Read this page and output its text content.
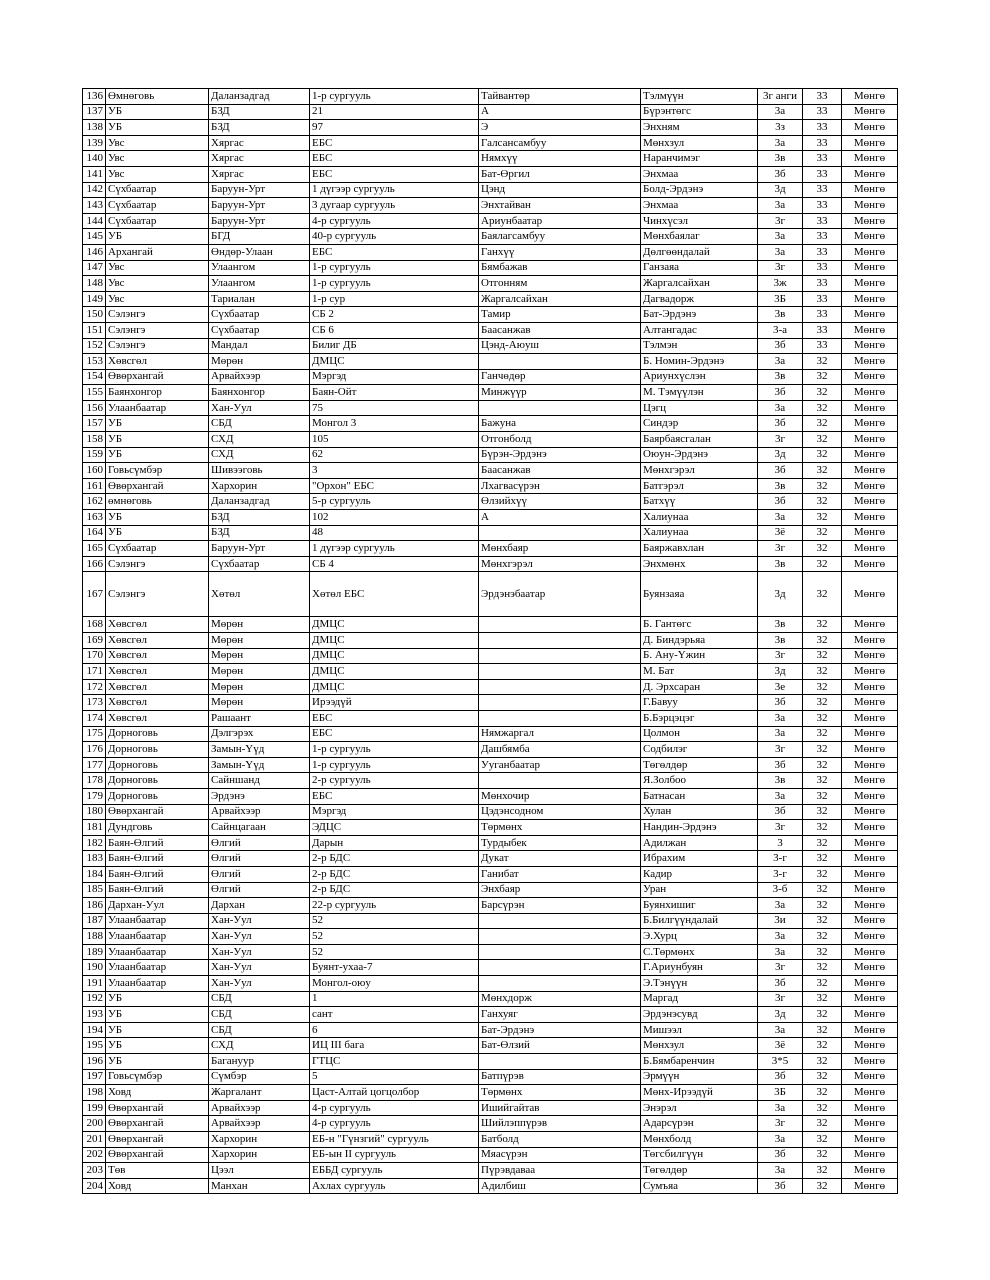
136	Өмнөговь	Даланзадгад	1-р сургууль	Тайвантөр	Тэлмүүн	3г анги	33	Мөнгө
137	УБ	БЗД	21	А	Бүрэнтөгс	3а	33	Мөнгө
138	УБ	БЗД	97	Э	Энхням	3з	33	Мөнгө
139	Увс	Хяргас	ЕБС	Галсансамбуу	Мөнхзул	3а	33	Мөнгө
140	Увс	Хяргас	ЕБС	Нямхүү	Наранчимэг	3в	33	Мөнгө
141	Увс	Хяргас	ЕБС	Бат-Өргил	Энхмаа	3б	33	Мөнгө
142	Сүхбаатар	Баруун-Урт	1 дүгээр сургууль	Цэнд	Болд-Эрдэнэ	3д	33	Мөнгө
143	Сүхбаатар	Баруун-Урт	3 дугаар сургууль	Энхтайван	Энхмаа	3а	33	Мөнгө
144	Сүхбаатар	Баруун-Урт	4-р сургууль	Ариунбаатар	Чинхүсэл	3г	33	Мөнгө
145	УБ	БГД	40-р сургууль	Баялагсамбуу	Мөнхбаялаг	3а	33	Мөнгө
146	Архангай	Өндөр-Улаан	ЕБС	Ганхүү	Дөлгөөндалай	3а	33	Мөнгө
147	Увс	Улаангом	1-р сургууль	Бямбажав	Ганзаяа	3г	33	Мөнгө
148	Увс	Улаангом	1-р сургууль	Отгонням	Жаргалсайхан	3ж	33	Мөнгө
149	Увс	Тариалан	1-р сур	Жаргалсайхан	Дагвадорж	3Б	33	Мөнгө
150	Сэлэнгэ	Сүхбаатар	СБ 2	Тамир	Бат-Эрдэнэ	3в	33	Мөнгө
151	Сэлэнгэ	Сүхбаатар	СБ 6	Баасанжав	Алтангадас	3-а	33	Мөнгө
152	Сэлэнгэ	Мандал	Билиг ДБ	Цэнд-Аюуш	Тэлмэн	3б	33	Мөнгө
153	Хөвсгөл	Мөрөн	ДМЦС		Б. Номин-Эрдэнэ	3а	32	Мөнгө
154	Өвөрхангай	Арвайхээр	Мэргэд	Ганчөдөр	Ариунхүслэн	3в	32	Мөнгө
155	Баянхонгор	Баянхонгор	Баян-Ойт	Минжүүр	М. Тэмүүлэн	3б	32	Мөнгө
156	Улаанбаатар	Хан-Уул	75		Цэгц	3а	32	Мөнгө
157	УБ	СБД	Монгол 3	Бажуна	Синдэр	3б	32	Мөнгө
158	УБ	СХД	105	Отгонболд	Баярбаясгалан	3г	32	Мөнгө
159	УБ	СХД	62	Бүрэн-Эрдэнэ	Оюун-Эрдэнэ	3д	32	Мөнгө
160	Говьсүмбэр	Шивээговь	3	Баасанжав	Мөнхгэрэл	3б	32	Мөнгө
161	Өвөрхангай	Хархорин	"Орхон" ЕБС	Лхагвасүрэн	Батгэрэл	3в	32	Мөнгө
162	өмнөговь	Даланзадгад	5-р сургууль	Өлзийхүү	Батхүү	3б	32	Мөнгө
163	УБ	БЗД	102	А	Халиунаа	3а	32	Мөнгө
164	УБ	БЗД	48		Халиунаа	3ё	32	Мөнгө
165	Сүхбаатар	Баруун-Урт	1 дүгээр сургууль	Мөнхбаяр	Баяржавхлан	3г	32	Мөнгө
166	Сэлэнгэ	Сүхбаатар	СБ 4	Мөнхгэрэл	Энхмөнх	3в	32	Мөнгө
167	Сэлэнгэ	Хөтөл	Хөтөл ЕБС	Эрдэнэбаатар	Буянзаяа	3д	32	Мөнгө
168	Хөвсгөл	Мөрөн	ДМЦС		Б. Гантөгс	3в	32	Мөнгө
169	Хөвсгөл	Мөрөн	ДМЦС		Д. Биндэрьяа	3в	32	Мөнгө
170	Хөвсгөл	Мөрөн	ДМЦС		Б. Ану-Үжин	3г	32	Мөнгө
171	Хөвсгөл	Мөрөн	ДМЦС		М. Бат	3д	32	Мөнгө
172	Хөвсгөл	Мөрөн	ДМЦС		Д. Эрхсаран	3е	32	Мөнгө
173	Хөвсгөл	Мөрөн	Ирээдүй		Г.Бавуу	3б	32	Мөнгө
174	Хөвсгөл	Рашаант	ЕБС		Б.Бэрцэцэг	3а	32	Мөнгө
175	Дорноговь	Дэлгэрэх	ЕБС	Нямжаргал	Цолмон	3а	32	Мөнгө
176	Дорноговь	Замын-Үүд	1-р сургууль	Дашбямба	Содбилэг	3г	32	Мөнгө
177	Дорноговь	Замын-Үүд	1-р сургууль	Ууганбаатар	Төгөлдөр	3б	32	Мөнгө
178	Дорноговь	Сайншанд	2-р сургууль		Я.Золбоо	3в	32	Мөнгө
179	Дорноговь	Эрдэнэ	ЕБС	Мөнхочир	Батнасан	3а	32	Мөнгө
180	Өвөрхангай	Арвайхээр	Мэргэд	Цэдэнсодном	Хулан	3б	32	Мөнгө
181	Дундговь	Сайнцагаан	ЭДЦС	Төрмөнх	Нандин-Эрдэнэ	3г	32	Мөнгө
182	Баян-Өлгий	Өлгий	Дарын	Турдыбек	Адилжан	3	32	Мөнгө
183	Баян-Өлгий	Өлгий	2-р БДС	Дукат	Ибрахим	3-г	32	Мөнгө
184	Баян-Өлгий	Өлгий	2-р БДС	Ганибат	Кадир	3-г	32	Мөнгө
185	Баян-Өлгий	Өлгий	2-р БДС	Энхбаяр	Уран	3-б	32	Мөнгө
186	Дархан-Уул	Дархан	22-р сургууль	Барсүрэн	Буянхишиг	3а	32	Мөнгө
187	Улаанбаатар	Хан-Уул	52		Б.Билгүүндалай	3и	32	Мөнгө
188	Улаанбаатар	Хан-Уул	52		Э.Хурц	3а	32	Мөнгө
189	Улаанбаатар	Хан-Уул	52		С.Төрмөнх	3а	32	Мөнгө
190	Улаанбаатар	Хан-Уул	Буянт-ухаа-7		Г.Ариунбуян	3г	32	Мөнгө
191	Улаанбаатар	Хан-Уул	Монгол-оюу		Э.Тэнүүн	3б	32	Мөнгө
192	УБ	СБД	1	Мөнхдорж	Маргад	3г	32	Мөнгө
193	УБ	СБД	сант	Ганхуяг	Эрдэнэсувд	3д	32	Мөнгө
194	УБ	СБД	6	Бат-Эрдэнэ	Мишээл	3а	32	Мөнгө
195	УБ	СХД	ИЦ III бага	Бат-Өлзий	Мөнхзул	3ё	32	Мөнгө
196	УБ	Багануур	ГТЦС		Б.Бямбаренчин	3*5	32	Мөнгө
197	Говьсүмбэр	Сүмбэр	5	Батпүрэв	Эрмүүн	3б	32	Мөнгө
198	Ховд	Жаргалант	Цаст-Алтай цогцолбор	Төрмөнх	Мөнх-Ирээдүй	3Б	32	Мөнгө
199	Өвөрхангай	Арвайхээр	4-р сургууль	Ишийгайтав	Энэрэл	3а	32	Мөнгө
200	Өвөрхангай	Арвайхээр	4-р сургууль	Шийлэппүрэв	Адарсүрэн	3г	32	Мөнгө
201	Өвөрхангай	Хархорин	ЕБ-н "Гүнзгий" сургууль	Батболд	Мөнхболд	3а	32	Мөнгө
202	Өвөрхангай	Хархорин	ЕБ-ын II сургууль	Мяасүрэн	Төгсбилгүүн	3б	32	Мөнгө
203	Төв	Цээл	ЕББД сургууль	Пүрэвдаваа	Төгөлдөр	3а	32	Мөнгө
204	Ховд	Манхан	Ахлах сургууль	Адилбиш	Сумъяа	3б	32	Мөнгө
